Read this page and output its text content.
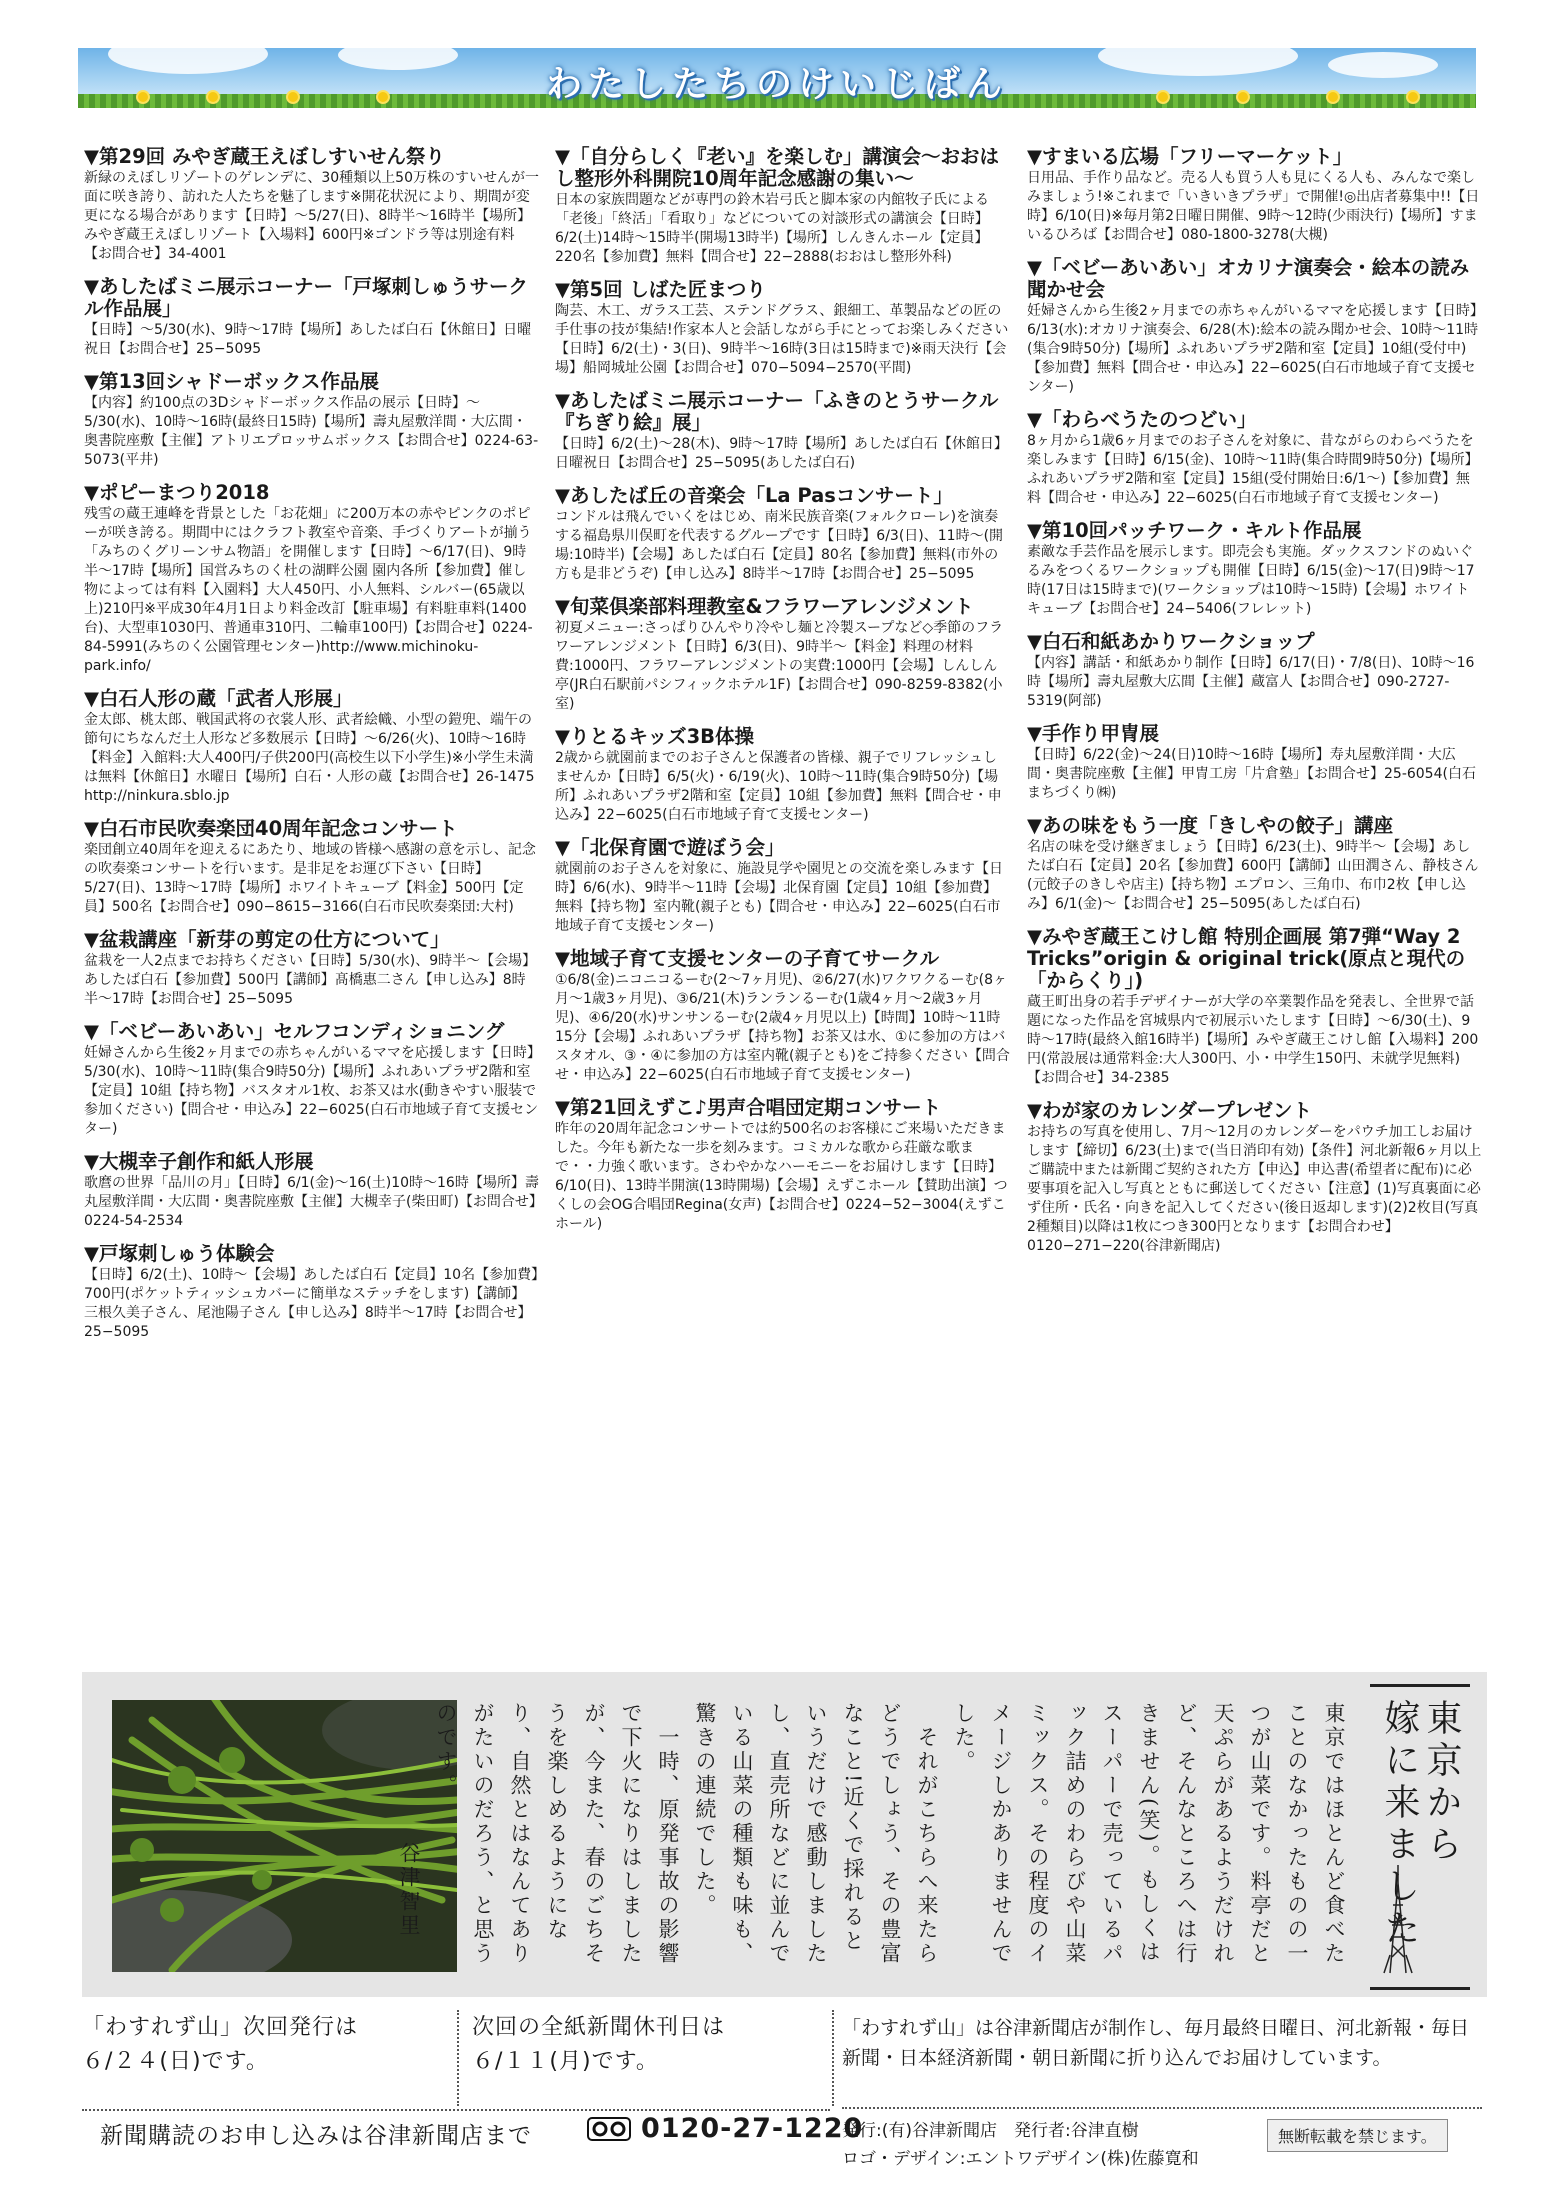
わたしたちのけいじばん

▼第29回 みやぎ蔵王えぼしすいせん祭り

新緑のえぼしリゾートのゲレンデに、30種類以上50万株のすいせんが一面に咲き誇り、訪れた人たちを魅了します※開花状況により、期間が変更になる場合があります【日時】〜5/27(日)、8時半〜16時半【場所】みやぎ蔵王えぼしリゾート【入場料】600円※ゴンドラ等は別途有料【お問合せ】34-4001

▼あしたばミニ展示コーナー「戸塚刺しゅうサークル作品展」

【日時】〜5/30(水)、9時〜17時【場所】あしたば白石【休館日】日曜祝日【お問合せ】25−5095

▼第13回シャドーボックス作品展

【内容】約100点の3Dシャドーボックス作品の展示【日時】〜5/30(水)、10時〜16時(最終日15時)【場所】壽丸屋敷洋間・大広間・奥書院座敷【主催】アトリエプロッサムボックス【お問合せ】0224-63-5073(平井)

▼ポピーまつり2018

残雪の蔵王連峰を背景とした「お花畑」に200万本の赤やピンクのポピーが咲き誇る。期間中にはクラフト教室や音楽、手づくりアートが揃う「みちのくグリーンサム物語」を開催します【日時】〜6/17(日)、9時半〜17時【場所】国営みちのく杜の湖畔公園 園内各所【参加費】催し物によっては有料【入園料】大人450円、小人無料、シルバー(65歳以上)210円※平成30年4月1日より料金改訂【駐車場】有料駐車料(1400台)、大型車1030円、普通車310円、二輪車100円)【お問合せ】0224-84-5991(みちのく公園管理センター)http://www.michinoku-park.info/

▼白石人形の蔵「武者人形展」

金太郎、桃太郎、戦国武将の衣裳人形、武者絵幟、小型の鎧兜、端午の節句にちなんだ土人形など多数展示【日時】〜6/26(火)、10時〜16時【料金】入館料:大人400円/子供200円(高校生以下小学生)※小学生未満は無料【休館日】水曜日【場所】白石・人形の蔵【お問合せ】26-1475 http://ninkura.sblo.jp

▼白石市民吹奏楽団40周年記念コンサート

楽団創立40周年を迎えるにあたり、地域の皆様へ感謝の意を示し、記念の吹奏楽コンサートを行います。是非足をお運び下さい【日時】5/27(日)、13時〜17時【場所】ホワイトキューブ【料金】500円【定員】500名【お問合せ】090−8615−3166(白石市民吹奏楽団:大村)

▼盆栽講座「新芽の剪定の仕方について」

盆栽を一人2点までお持ちください【日時】5/30(水)、9時半〜【会場】あしたば白石【参加費】500円【講師】髙橋惠二さん【申し込み】8時半〜17時【お問合せ】25−5095

▼「ベビーあいあい」セルフコンディショニング

妊婦さんから生後2ヶ月までの赤ちゃんがいるママを応援します【日時】5/30(水)、10時〜11時(集合9時50分)【場所】ふれあいプラザ2階和室【定員】10組【持ち物】バスタオル1枚、お茶又は水(動きやすい服装で参加ください)【問合せ・申込み】22−6025(白石市地域子育て支援センター)

▼大槻幸子創作和紙人形展

歌麿の世界「品川の月」【日時】6/1(金)〜16(土)10時〜16時【場所】壽丸屋敷洋間・大広間・奥書院座敷【主催】大槻幸子(柴田町)【お問合せ】0224-54-2534

▼戸塚刺しゅう体験会

【日時】6/2(土)、10時〜【会場】あしたば白石【定員】10名【参加費】700円(ポケットティッシュカバーに簡単なステッチをします)【講師】三根久美子さん、尾池陽子さん【申し込み】8時半〜17時【お問合せ】25−5095

▼「自分らしく『老い』を楽しむ」講演会〜おおはし整形外科開院10周年記念感謝の集い〜

日本の家族問題などが専門の鈴木岩弓氏と脚本家の内館牧子氏による「老後」「終活」「看取り」などについての対談形式の講演会【日時】6/2(土)14時〜15時半(開場13時半)【場所】しんきんホール【定員】220名【参加費】無料【問合せ】22−2888(おおはし整形外科)

▼第5回 しばた匠まつり

陶芸、木工、ガラス工芸、ステンドグラス、銀細工、革製品などの匠の手仕事の技が集結!作家本人と会話しながら手にとってお楽しみください【日時】6/2(土)・3(日)、9時半〜16時(3日は15時まで)※雨天決行【会場】船岡城址公園【お問合せ】070−5094−2570(平間)

▼あしたばミニ展示コーナー「ふきのとうサークル『ちぎり絵』展」

【日時】6/2(土)〜28(木)、9時〜17時【場所】あしたば白石【休館日】日曜祝日【お問合せ】25−5095(あしたば白石)

▼あしたば丘の音楽会「La Pasコンサート」

コンドルは飛んでいくをはじめ、南米民族音楽(フォルクローレ)を演奏する福島県川俣町を代表するグループです【日時】6/3(日)、11時〜(開場:10時半)【会場】あしたば白石【定員】80名【参加費】無料(市外の方も是非どうぞ)【申し込み】8時半〜17時【お問合せ】25−5095

▼旬菜倶楽部料理教室&フラワーアレンジメント

初夏メニュー:さっぱりひんやり冷やし麺と冷製スープなど◇季節のフラワーアレンジメント【日時】6/3(日)、9時半〜【料金】料理の材料費:1000円、フラワーアレンジメントの実費:1000円【会場】しんしん亭(JR白石駅前パシフィックホテル1F)【お問合せ】090-8259-8382(小室)

▼りとるキッズ3B体操

2歳から就園前までのお子さんと保護者の皆様、親子でリフレッシュしませんか【日時】6/5(火)・6/19(火)、10時〜11時(集合9時50分)【場所】ふれあいプラザ2階和室【定員】10組【参加費】無料【問合せ・申込み】22−6025(白石市地域子育て支援センター)

▼「北保育園で遊ぼう会」

就園前のお子さんを対象に、施設見学や園児との交流を楽しみます【日時】6/6(水)、9時半〜11時【会場】北保育園【定員】10組【参加費】無料【持ち物】室内靴(親子とも)【問合せ・申込み】22−6025(白石市地域子育て支援センター)

▼地域子育て支援センターの子育てサークル

①6/8(金)ニコニコるーむ(2〜7ヶ月児)、②6/27(水)ワクワクるーむ(8ヶ月〜1歳3ヶ月児)、③6/21(木)ランランるーむ(1歳4ヶ月〜2歳3ヶ月児)、④6/20(水)サンサンるーむ(2歳4ヶ月児以上)【時間】10時〜11時15分【会場】ふれあいプラザ【持ち物】お茶又は水、①に参加の方はバスタオル、③・④に参加の方は室内靴(親子とも)をご持参ください【問合せ・申込み】22−6025(白石市地域子育て支援センター)

▼第21回えずこ♪男声合唱団定期コンサート

昨年の20周年記念コンサートでは約500名のお客様にご来場いただきました。今年も新たな一歩を刻みます。コミカルな歌から荘厳な歌まで・・力強く歌います。さわやかなハーモニーをお届けします【日時】6/10(日)、13時半開演(13時開場)【会場】えずこホール【賛助出演】つくしの会OG合唱団Regina(女声)【お問合せ】0224−52−3004(えずこホール)

▼すまいる広場「フリーマーケット」

日用品、手作り品など。売る人も買う人も見にくる人も、みんなで楽しみましょう!※これまで「いきいきプラザ」で開催!◎出店者募集中!!【日時】6/10(日)※毎月第2日曜日開催、9時〜12時(少雨決行)【場所】すまいるひろば【お問合せ】080-1800-3278(大槻)

▼「ベビーあいあい」オカリナ演奏会・絵本の読み聞かせ会

妊婦さんから生後2ヶ月までの赤ちゃんがいるママを応援します【日時】6/13(水):オカリナ演奏会、6/28(木):絵本の読み聞かせ会、10時〜11時(集合9時50分)【場所】ふれあいプラザ2階和室【定員】10組(受付中)【参加費】無料【問合せ・申込み】22−6025(白石市地域子育て支援センター)

▼「わらべうたのつどい」

8ヶ月から1歳6ヶ月までのお子さんを対象に、昔ながらのわらべうたを楽しみます【日時】6/15(金)、10時〜11時(集合時間9時50分)【場所】ふれあいプラザ2階和室【定員】15組(受付開始日:6/1〜)【参加費】無料【問合せ・申込み】22−6025(白石市地域子育て支援センター)

▼第10回パッチワーク・キルト作品展

素敵な手芸作品を展示します。即売会も実施。ダックスフンドのぬいぐるみをつくるワークショップも開催【日時】6/15(金)〜17(日)9時〜17時(17日は15時まで)(ワークショップは10時〜15時)【会場】ホワイトキューブ【お問合せ】24−5406(フレレット)

▼白石和紙あかりワークショップ

【内容】講話・和紙あかり制作【日時】6/17(日)・7/8(日)、10時〜16時【場所】壽丸屋敷大広間【主催】蔵富人【お問合せ】090-2727-5319(阿部)

▼手作り甲冑展

【日時】6/22(金)〜24(日)10時〜16時【場所】寿丸屋敷洋間・大広間・奥書院座敷【主催】甲冑工房「片倉塾」【お問合せ】25-6054(白石まちづくり㈱)

▼あの味をもう一度「きしやの餃子」講座

名店の味を受け継ぎましょう【日時】6/23(土)、9時半〜【会場】あしたば白石【定員】20名【参加費】600円【講師】山田潤さん、静枝さん(元餃子のきしや店主)【持ち物】エプロン、三角巾、布巾2枚【申し込み】6/1(金)〜【お問合せ】25−5095(あしたば白石)

▼みやぎ蔵王こけし館 特別企画展 第7弾“Way 2 Tricks”origin & original trick(原点と現代の「からくり」)

蔵王町出身の若手デザイナーが大学の卒業製作品を発表し、全世界で話題になった作品を宮城県内で初展示いたします【日時】〜6/30(土)、9時〜17時(最終入館16時半)【場所】みやぎ蔵王こけし館【入場料】200円(常設展は通常料金:大人300円、小・中学生150円、未就学児無料)【お問合せ】34-2385

▼わが家のカレンダープレゼント

お持ちの写真を使用し、7月〜12月のカレンダーをパウチ加工しお届けします【締切】6/23(土)まで(当日消印有効)【条件】河北新報6ヶ月以上ご購読中または新聞ご契約された方【申込】申込書(希望者に配布)に必要事項を記入し写真とともに郵送してください【注意】(1)写真裏面に必ず住所・氏名・向きを記入してください(後日返却します)(2)2枚目(写真2種類目)以降は1枚につき300円となります【お問合わせ】0120−271−220(谷津新聞店)

東京ではほとんど食べたことのなかったものの一つが山菜です。料亭だと天ぷらがあるようだけれど、そんなところへは行きません(笑)。もしくはスーパーで売っているパック詰めのわらびや山菜ミックス。その程度のイメージしかありませんでした。
　それがこちらへ来たらどうでしょう、その豊富なこと!近くで採れるというだけで感動しましたし、直売所などに並んでいる山菜の種類も味も、驚きの連続でした。
　一時、原発事故の影響で下火になりはしましたが、今また、春のごちそうを楽しめるようになり、自然とはなんてありがたいのだろう、と思うのです。
谷津智里
東京から
嫁に来ました
「わすれず山」次回発行は
６/２４(日)です。
次回の全紙新聞休刊日は
６/１１(月)です。
新聞購読のお申し込みは谷津新聞店まで	0120-27-1220
「わすれず山」は谷津新聞店が制作し、毎月最終日曜日、河北新報・毎日新聞・日本経済新聞・朝日新聞に折り込んでお届けしています。
発行:(有)谷津新聞店　発行者:谷津直樹
ロゴ・デザイン:エントワデザイン(株)佐藤寛和
無断転載を禁じます。
